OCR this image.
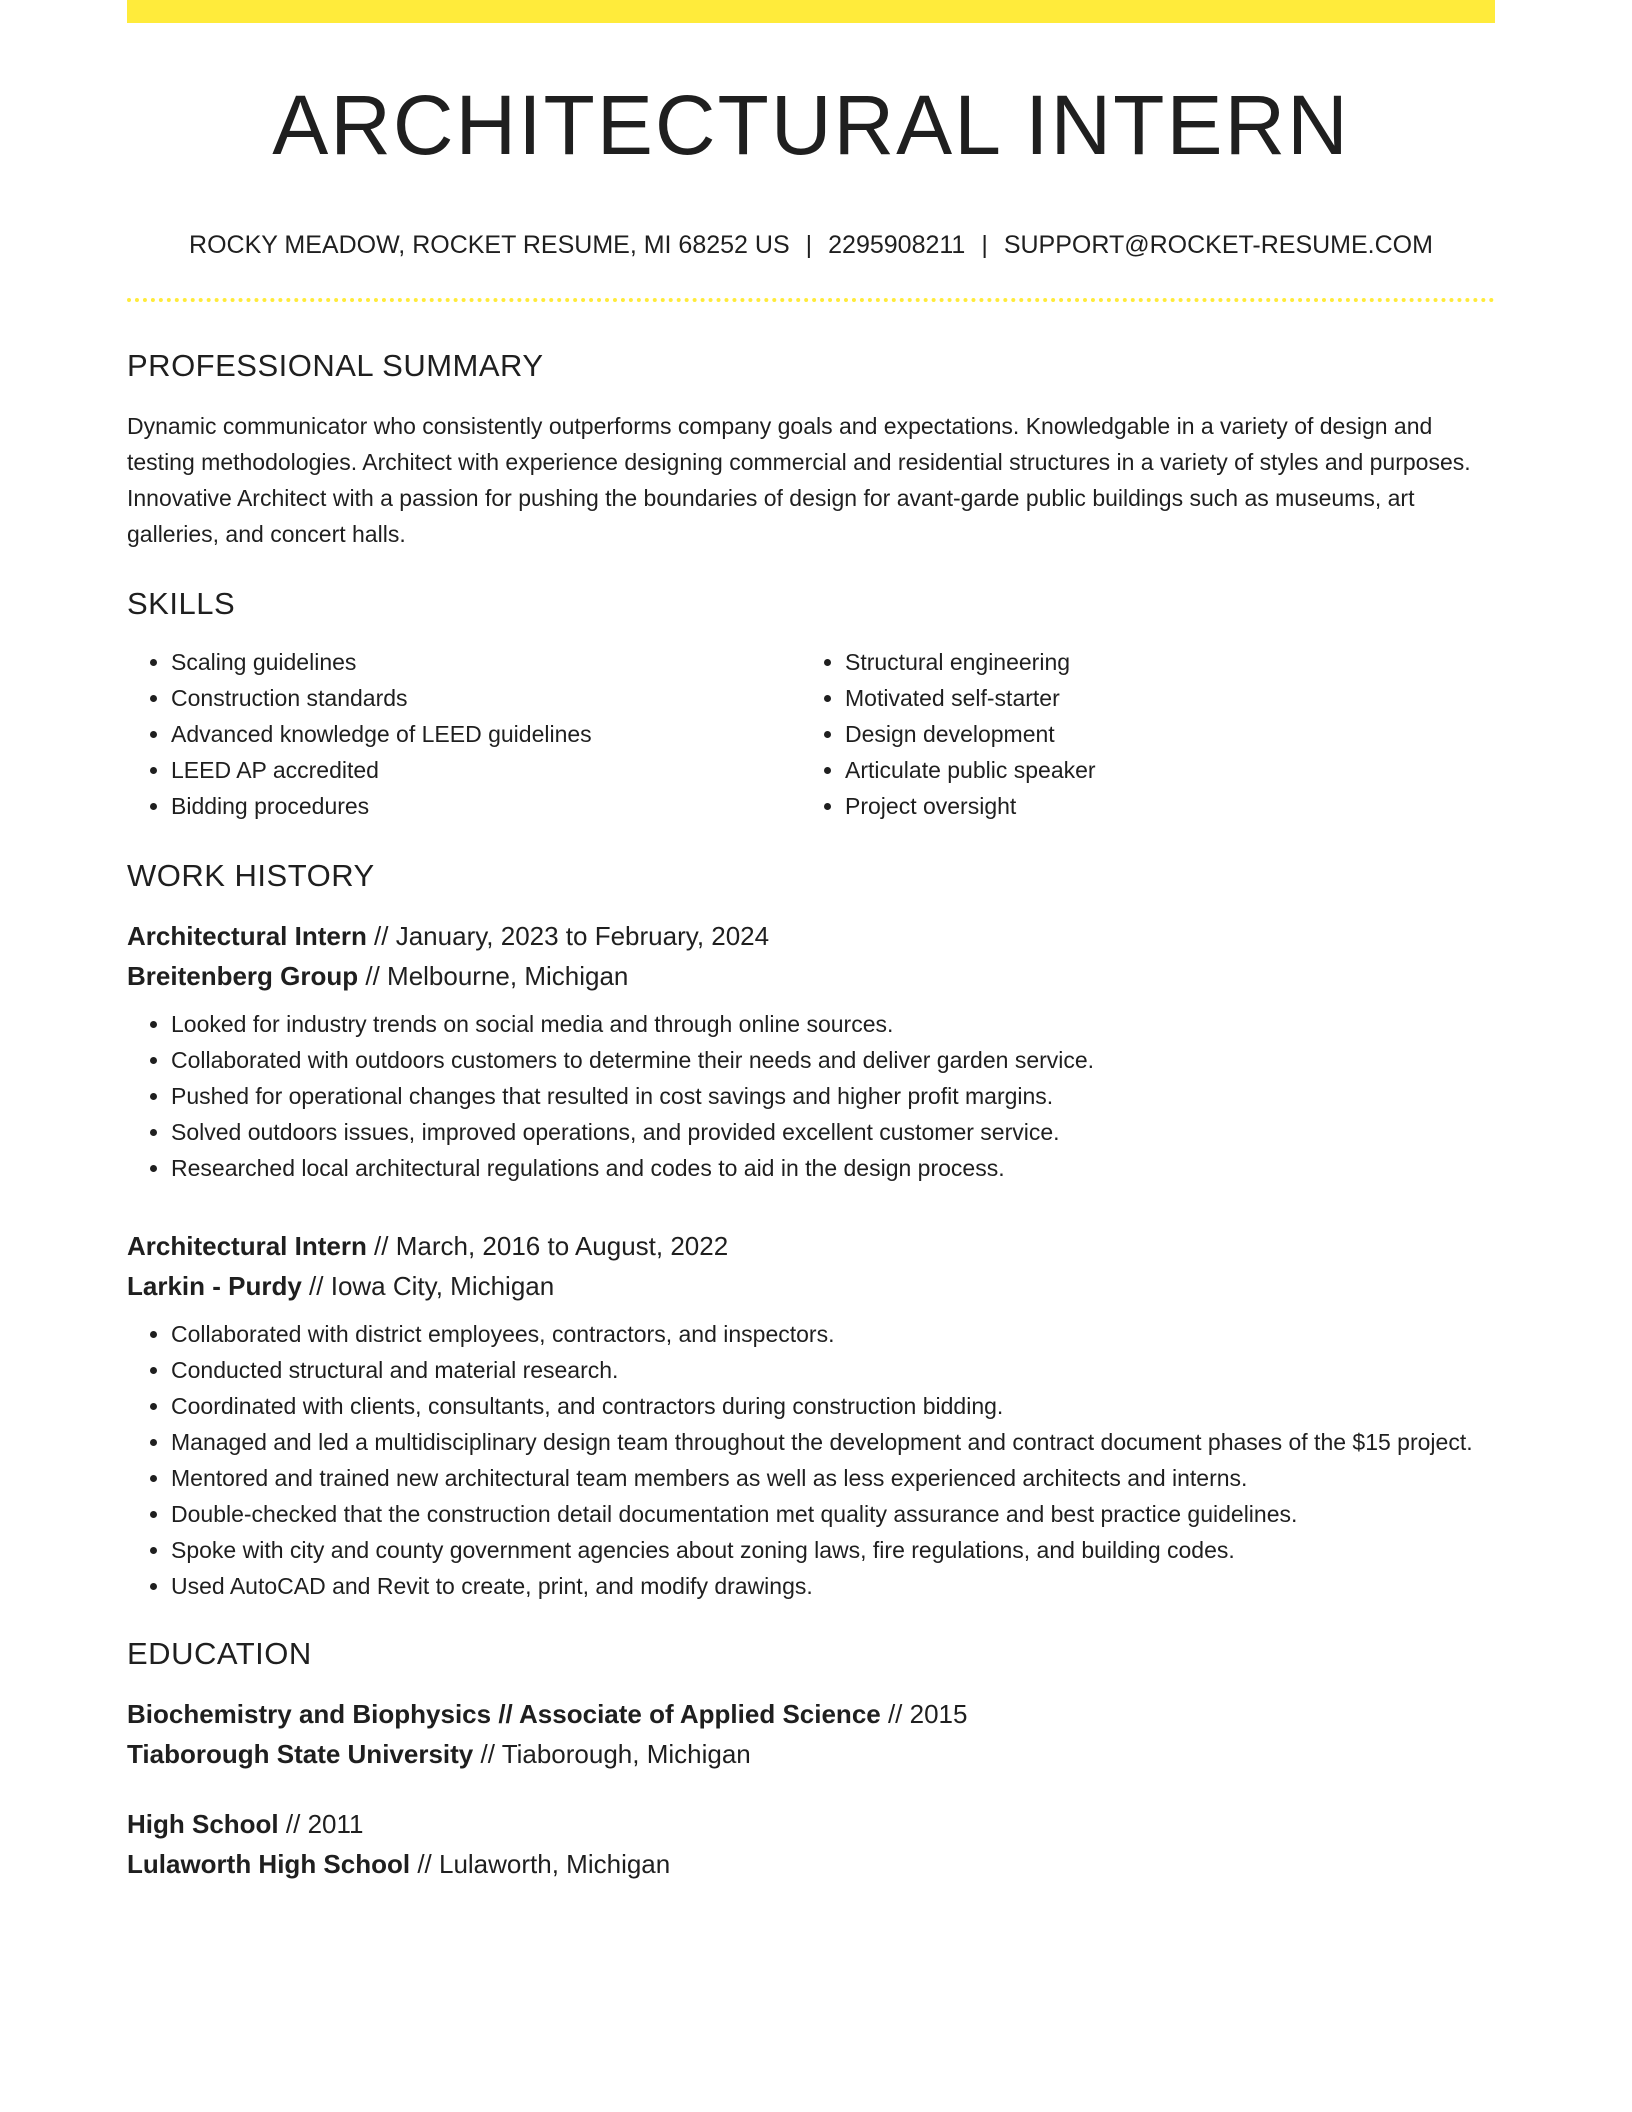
ARCHITECTURAL INTERN
ROCKY MEADOW, ROCKET RESUME, MI 68252 US | 2295908211 | SUPPORT@ROCKET-RESUME.COM
PROFESSIONAL SUMMARY
Dynamic communicator who consistently outperforms company goals and expectations. Knowledgable in a variety of design and testing methodologies. Architect with experience designing commercial and residential structures in a variety of styles and purposes. Innovative Architect with a passion for pushing the boundaries of design for avant-garde public buildings such as museums, art galleries, and concert halls.
SKILLS
• Scaling guidelines
• Construction standards
• Advanced knowledge of LEED guidelines
• LEED AP accredited
• Bidding procedures
• Structural engineering
• Motivated self-starter
• Design development
• Articulate public speaker
• Project oversight
WORK HISTORY
Architectural Intern // January, 2023 to February, 2024
Breitenberg Group // Melbourne, Michigan
• Looked for industry trends on social media and through online sources.
• Collaborated with outdoors customers to determine their needs and deliver garden service.
• Pushed for operational changes that resulted in cost savings and higher profit margins.
• Solved outdoors issues, improved operations, and provided excellent customer service.
• Researched local architectural regulations and codes to aid in the design process.
Architectural Intern // March, 2016 to August, 2022
Larkin - Purdy // Iowa City, Michigan
• Collaborated with district employees, contractors, and inspectors.
• Conducted structural and material research.
• Coordinated with clients, consultants, and contractors during construction bidding.
• Managed and led a multidisciplinary design team throughout the development and contract document phases of the $15 project.
• Mentored and trained new architectural team members as well as less experienced architects and interns.
• Double-checked that the construction detail documentation met quality assurance and best practice guidelines.
• Spoke with city and county government agencies about zoning laws, fire regulations, and building codes.
• Used AutoCAD and Revit to create, print, and modify drawings.
EDUCATION
Biochemistry and Biophysics // Associate of Applied Science // 2015
Tiaborough State University // Tiaborough, Michigan
High School // 2011
Lulaworth High School // Lulaworth, Michigan
